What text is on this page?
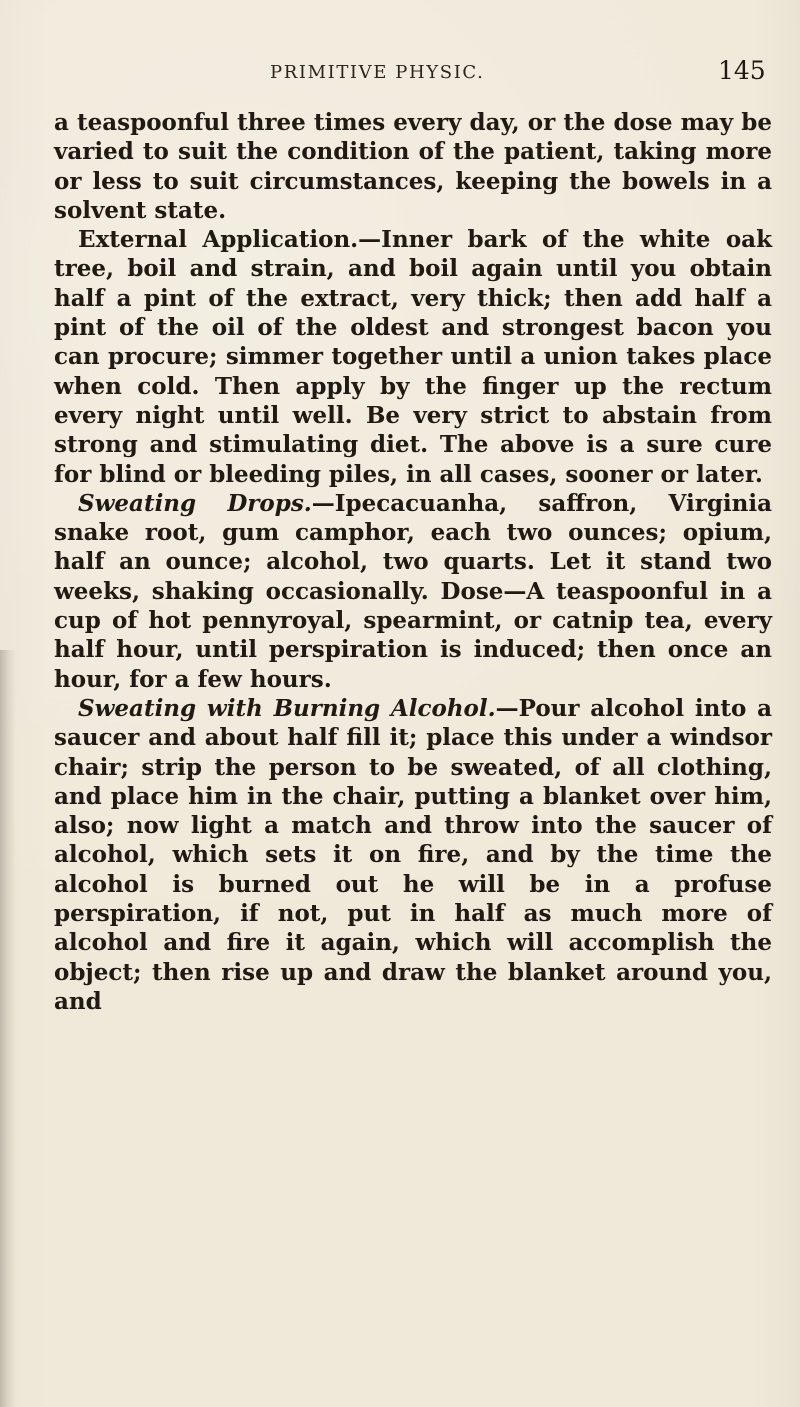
PRIMITIVE PHYSIC.	145

a teaspoonful three times every day, or the dose may be varied to suit the condition of the patient, taking more or less to suit circumstances, keeping the bowels in a solvent state.

External Application.—Inner bark of the white oak tree, boil and strain, and boil again until you obtain half a pint of the extract, very thick; then add half a pint of the oil of the oldest and strongest bacon you can procure; simmer together until a union takes place when cold. Then apply by the finger up the rectum every night until well. Be very strict to abstain from strong and stimulating diet. The above is a sure cure for blind or bleeding piles, in all cases, sooner or later.

Sweating Drops.—Ipecacuanha, saffron, Virginia snake root, gum camphor, each two ounces; opium, half an ounce; alcohol, two quarts. Let it stand two weeks, shaking occasionally. Dose—A teaspoonful in a cup of hot pennyroyal, spearmint, or catnip tea, every half hour, until perspiration is induced; then once an hour, for a few hours.

Sweating with Burning Alcohol.—Pour alcohol into a saucer and about half fill it; place this under a windsor chair; strip the person to be sweated, of all clothing, and place him in the chair, putting a blanket over him, also; now light a match and throw into the saucer of alcohol, which sets it on fire, and by the time the alcohol is burned out he will be in a profuse perspiration, if not, put in half as much more of alcohol and fire it again, which will accomplish the object; then rise up and draw the blanket around you, and
